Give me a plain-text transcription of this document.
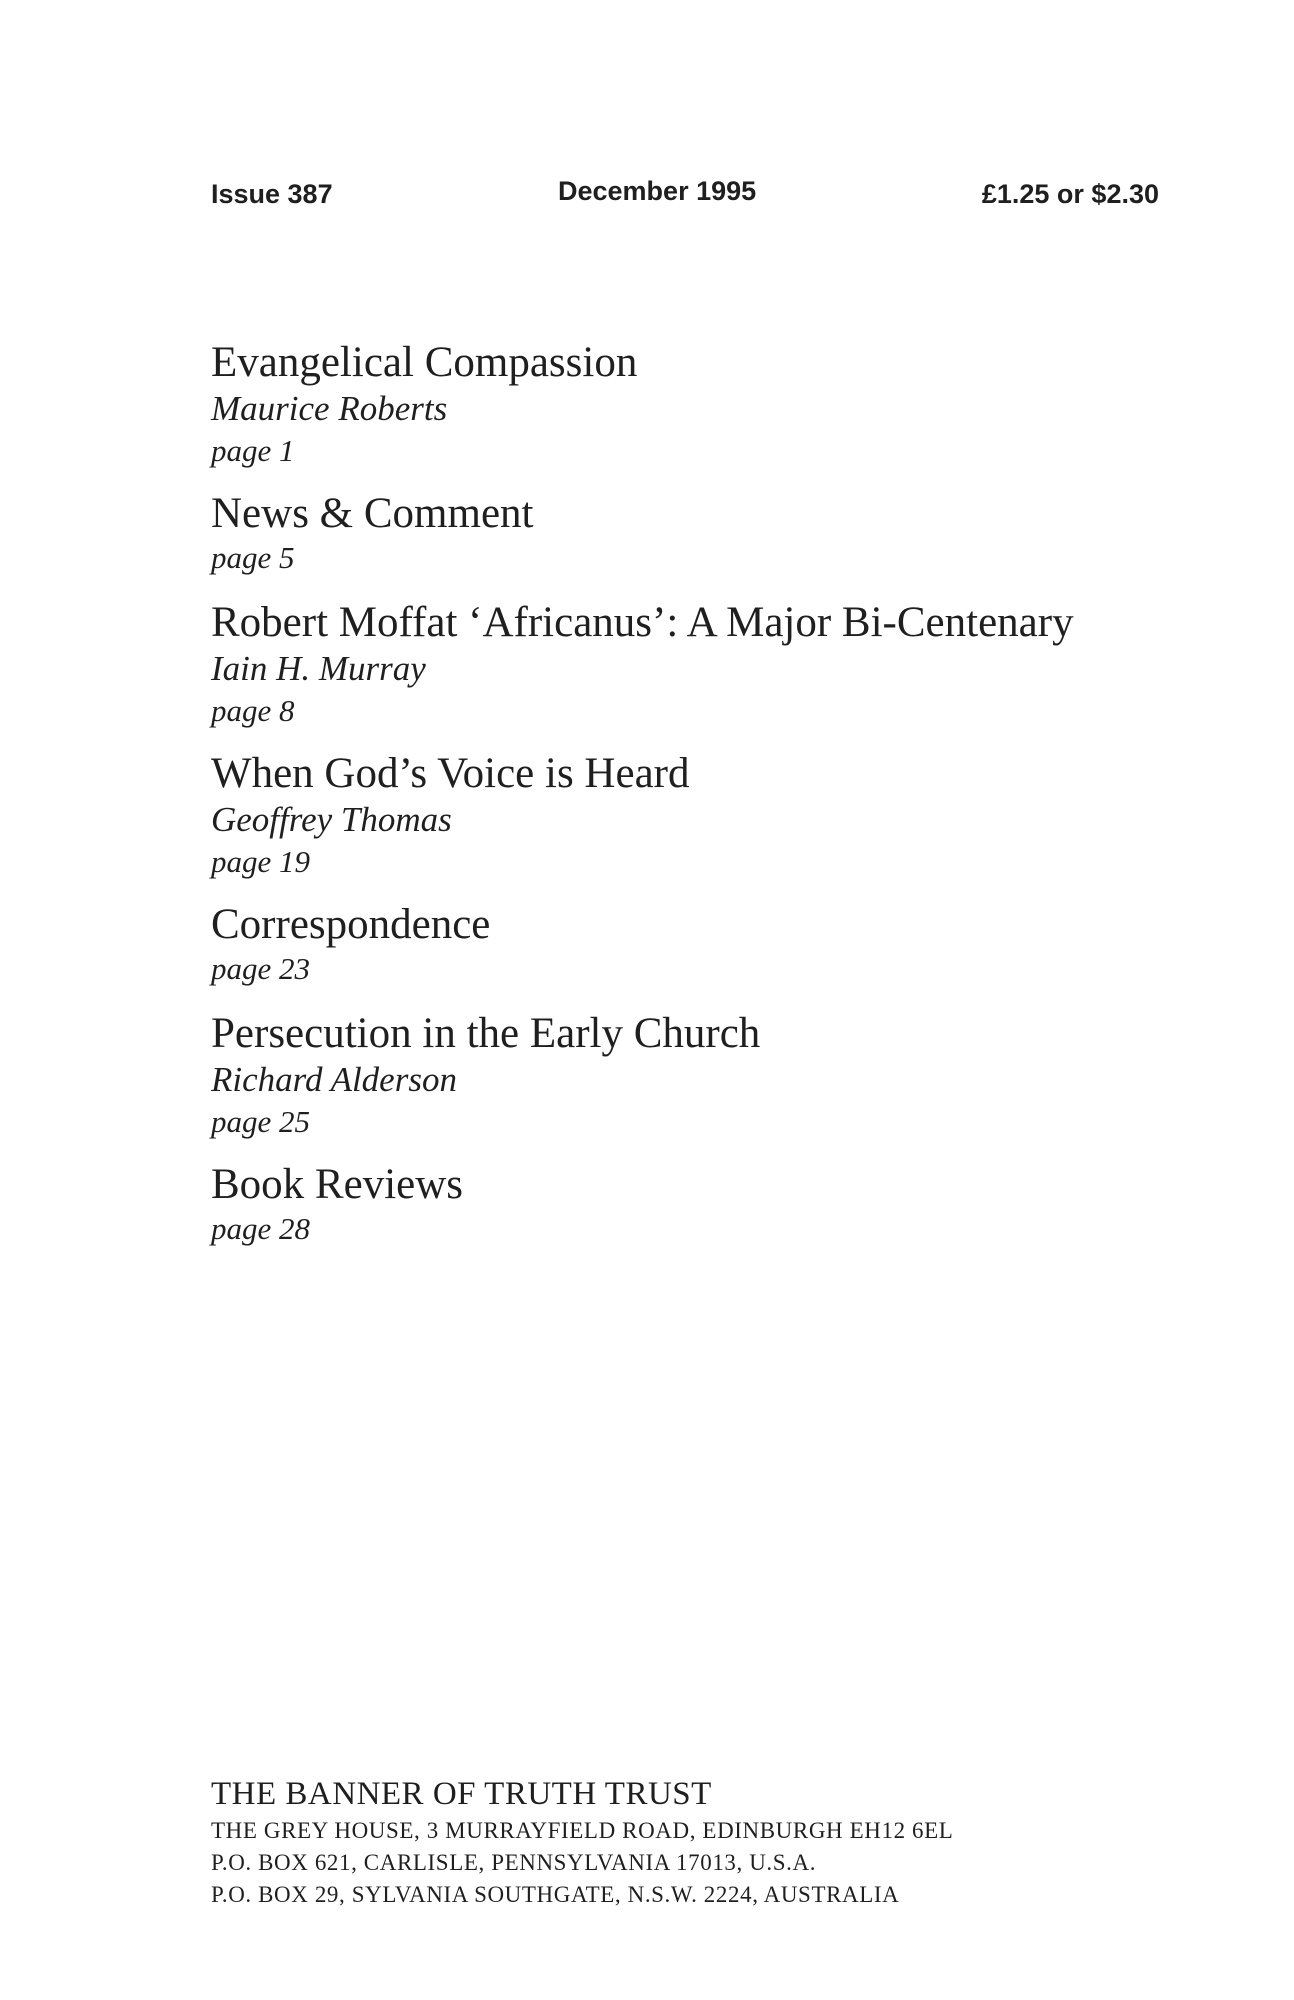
Issue 387	December 1995	£1.25 or $2.30
Evangelical Compassion
Maurice Roberts
page 1
News & Comment
page 5
Robert Moffat ‘Africanus’: A Major Bi-Centenary
Iain H. Murray
page 8
When God’s Voice is Heard
Geoffrey Thomas
page 19
Correspondence
page 23
Persecution in the Early Church
Richard Alderson
page 25
Book Reviews
page 28
THE BANNER OF TRUTH TRUST
THE GREY HOUSE, 3 MURRAYFIELD ROAD, EDINBURGH EH12 6EL
P.O. BOX 621, CARLISLE, PENNSYLVANIA 17013, U.S.A.
P.O. BOX 29, SYLVANIA SOUTHGATE, N.S.W. 2224, AUSTRALIA
